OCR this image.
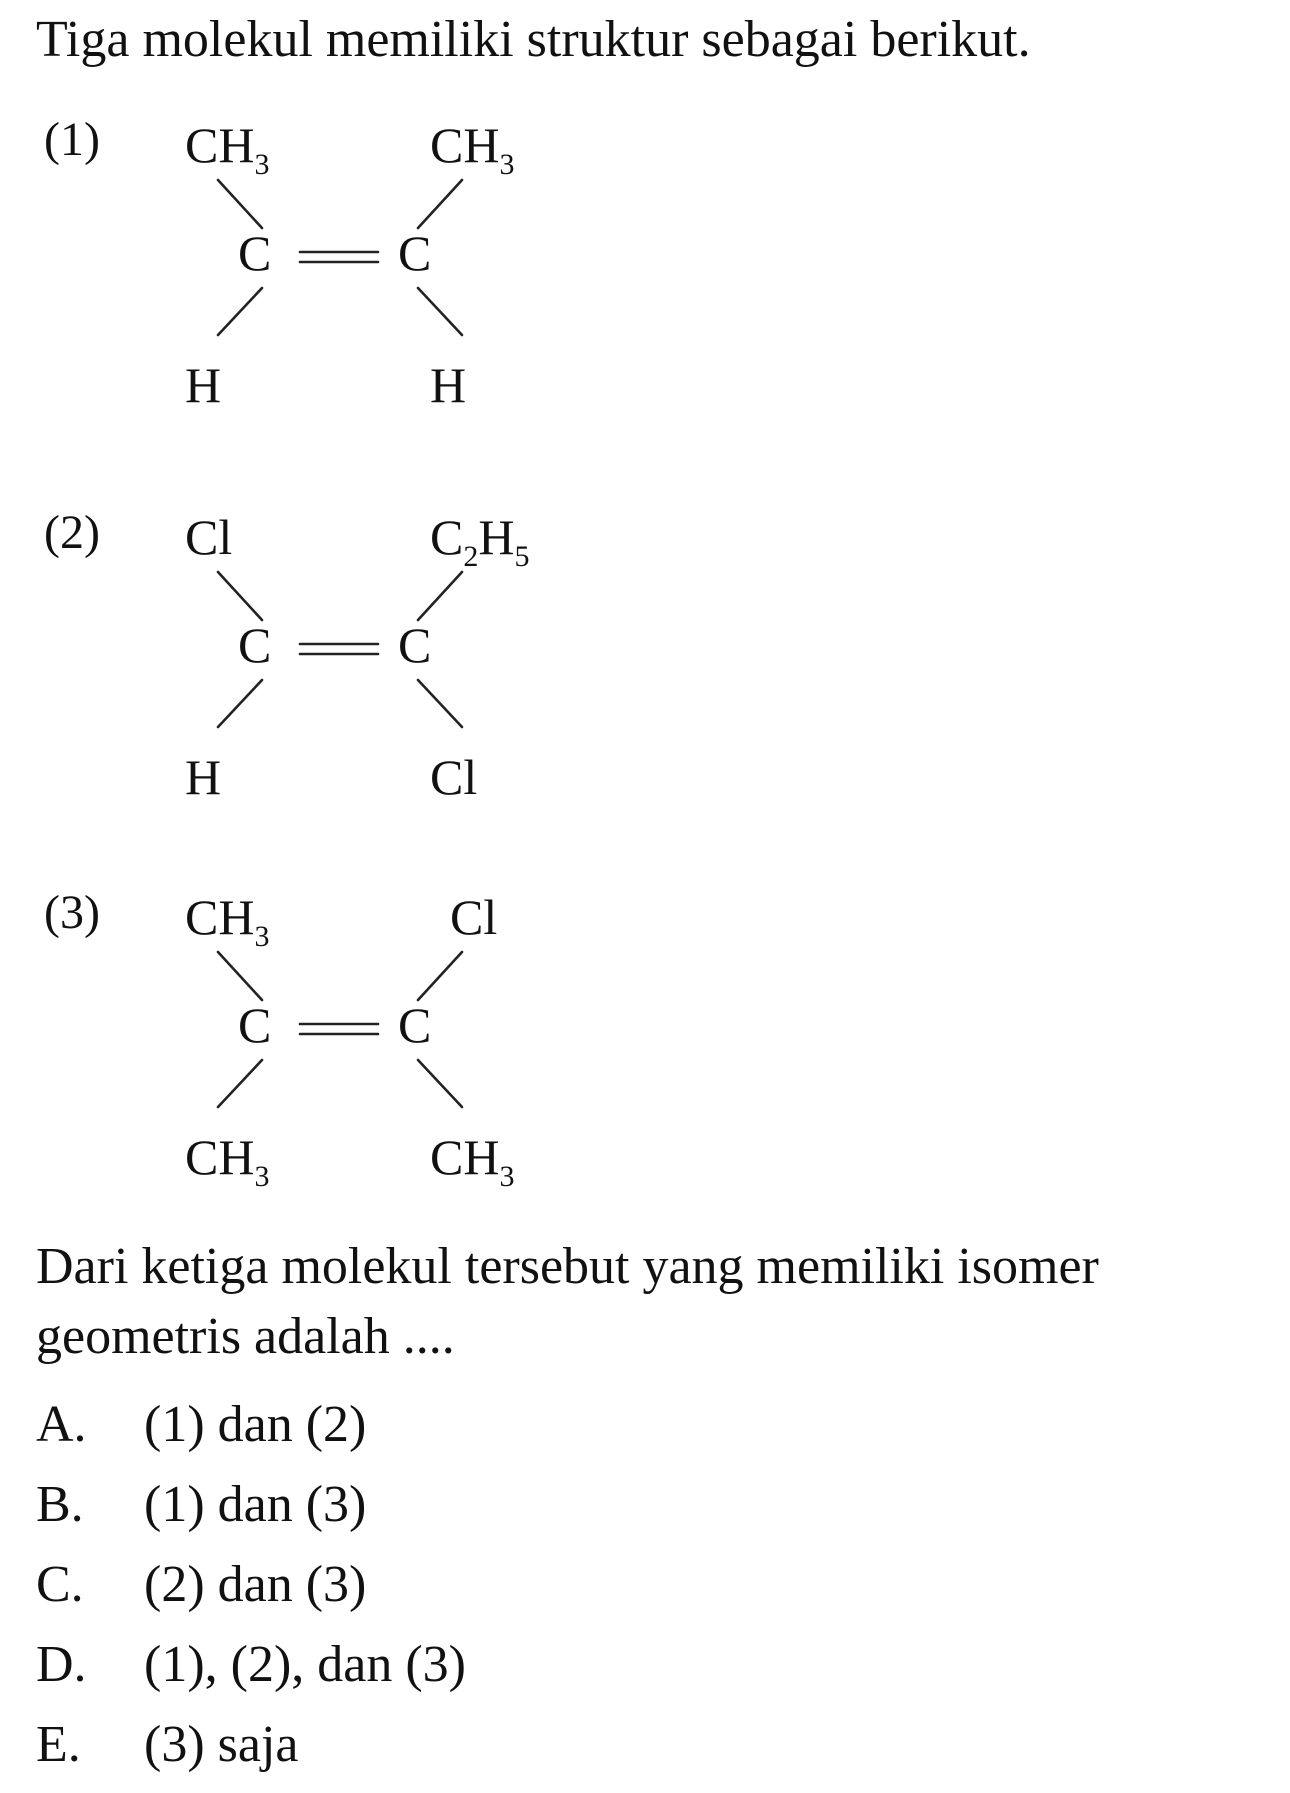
Tiga molekul memiliki struktur sebagai berikut.
(1) $CH_3$	$CH_3$
C	C
H	H
(2) Cl	$C_2H_5$
C	C
H	Cl
(3) $CH_3$	Cl
C	C
$CH_3$	$CH_3$
Dari ketiga molekul tersebut yang memiliki isomer geometris adalah ....
A. (1) dan (2)
B. (1) dan (3)
C. (2) dan (3)
D. (1), (2), dan (3)
E. (3) saja
